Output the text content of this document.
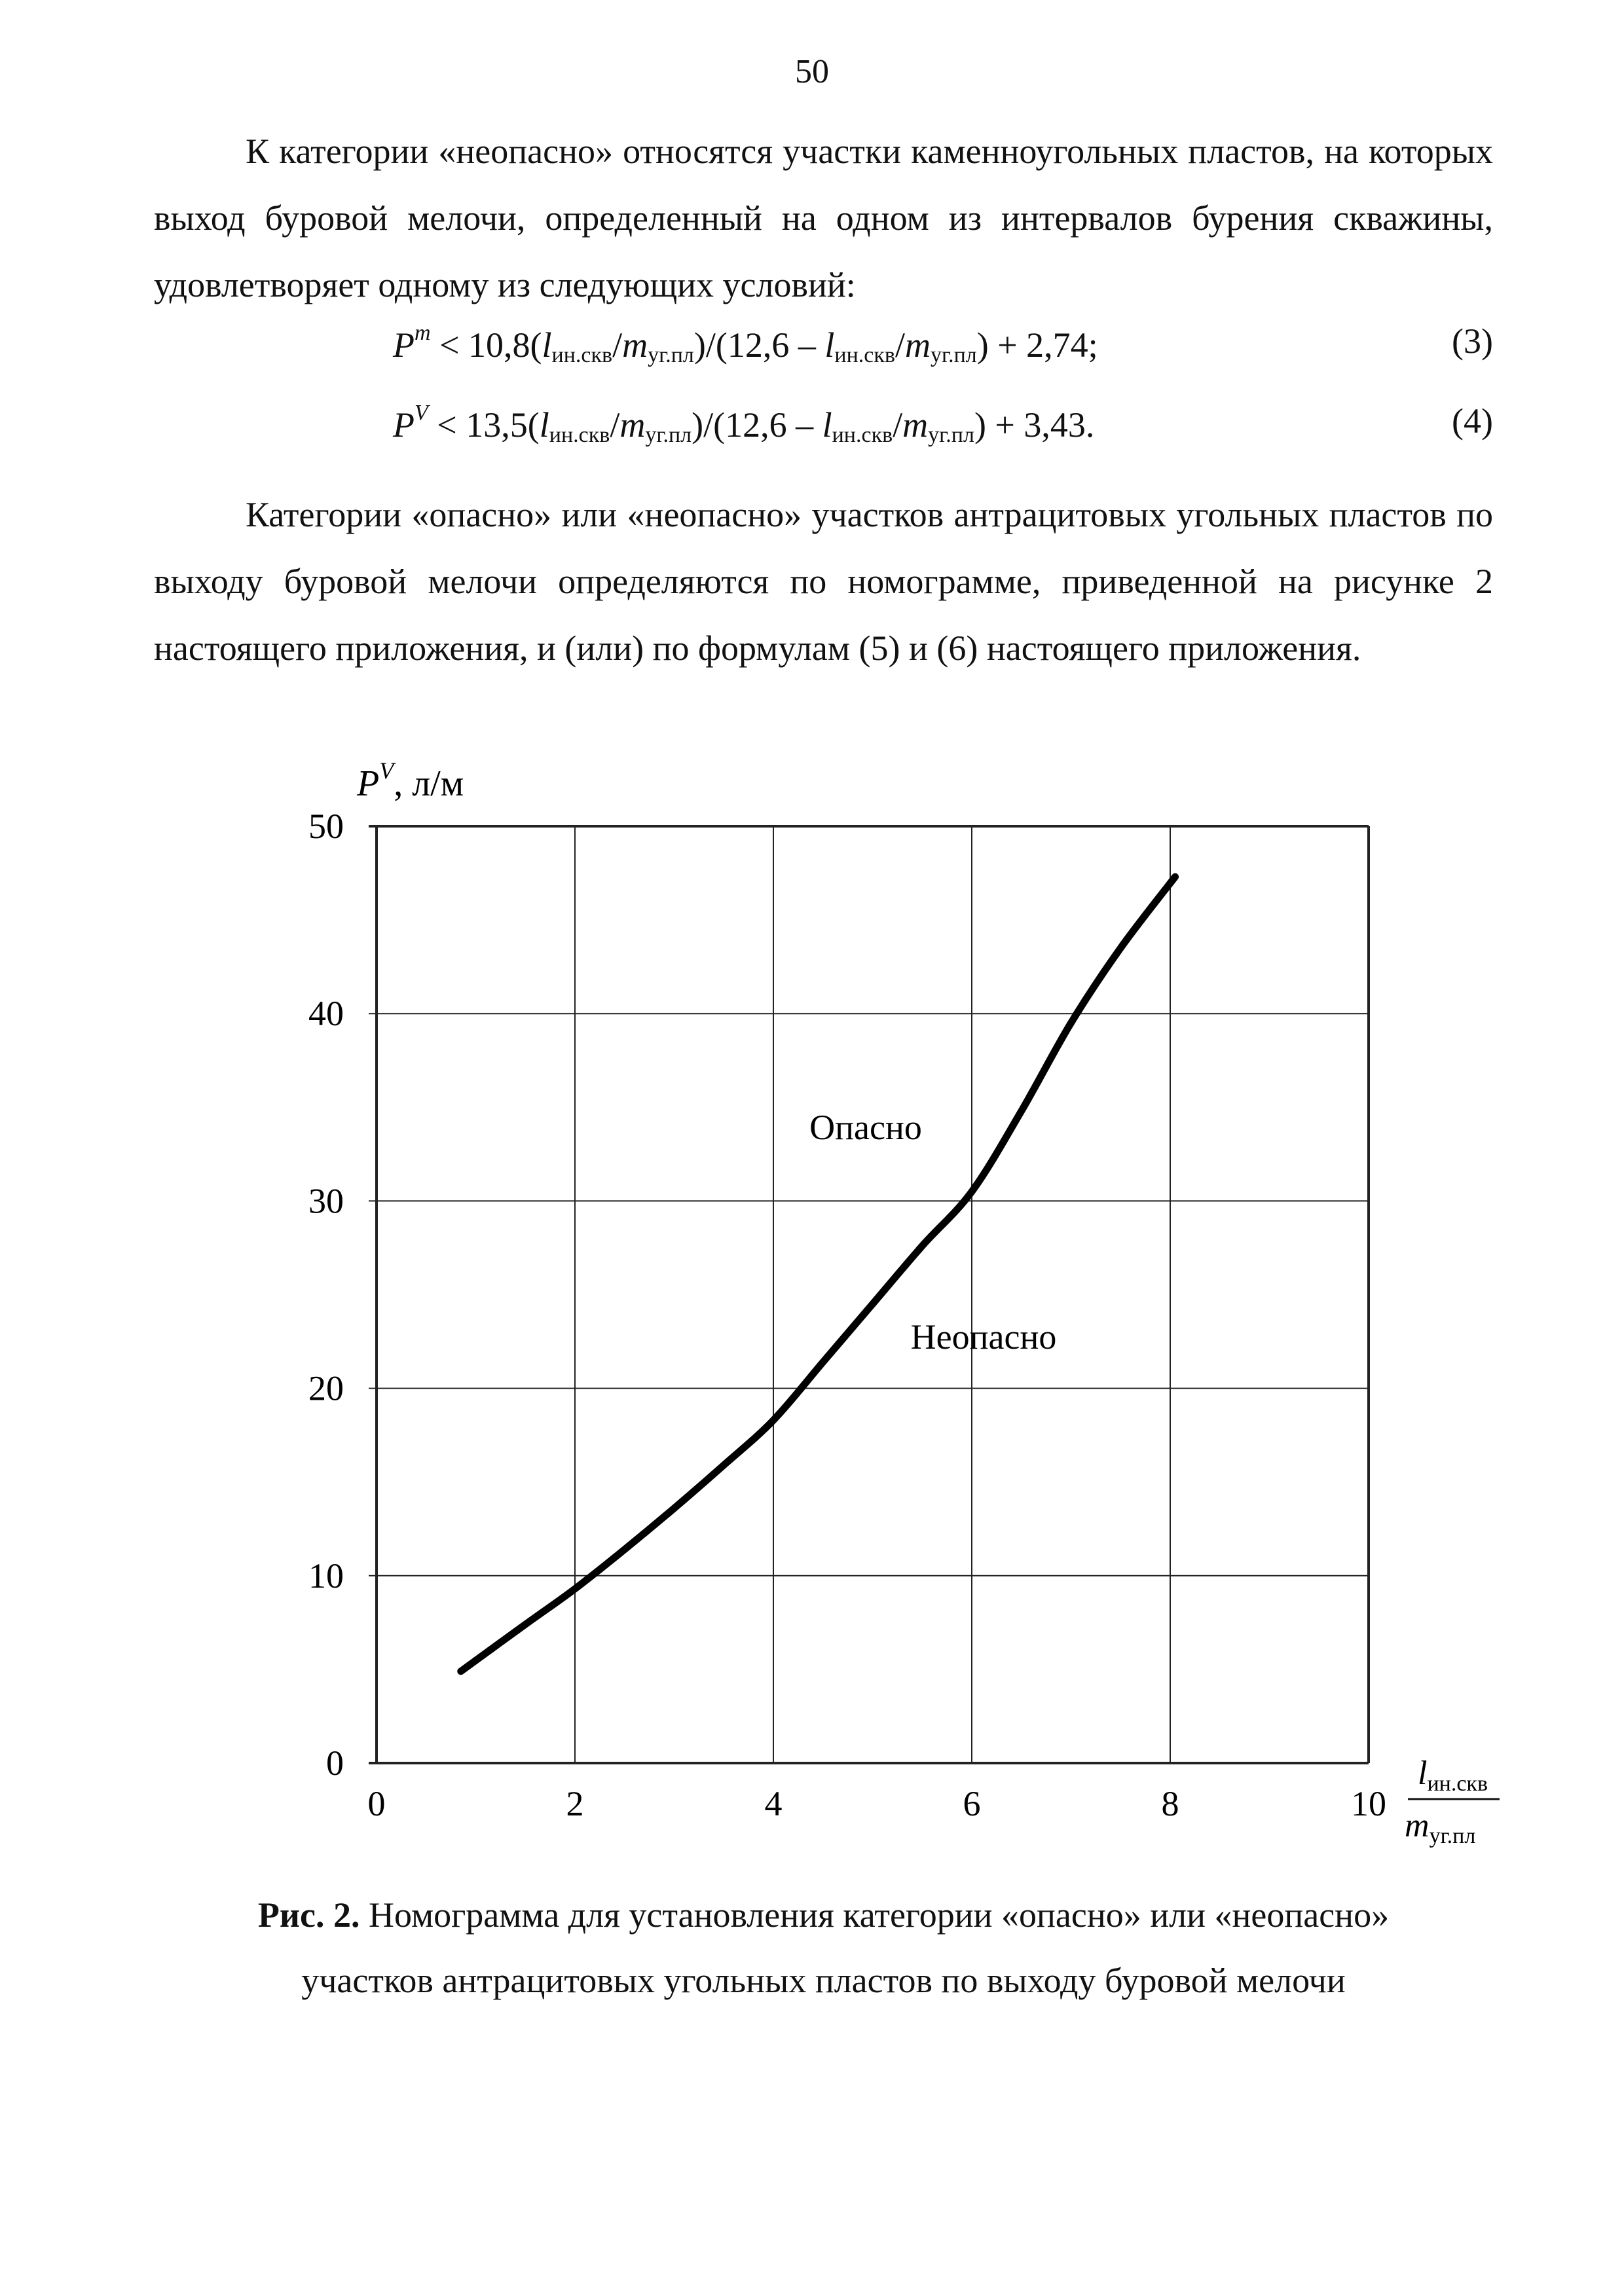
50

К категории «неопасно» относятся участки каменноугольных пластов, на которых выход буровой мелочи, определенный на одном из интервалов бурения скважины, удовлетворяет одному из следующих условий:

$P^m < 10,8(l_{ин.скв}/m_{уг.пл})/(12,6 - l_{ин.скв}/m_{уг.пл}) + 2,74$;	(3)
$P^V < 13,5(l_{ин.скв}/m_{уг.пл})/(12,6 - l_{ин.скв}/m_{уг.пл}) + 3,43$.	(4)

Категории «опасно» или «неопасно» участков антрацитовых угольных пластов по выходу буровой мелочи определяются по номограмме, приведенной на рисунке 2 настоящего приложения, и (или) по формулам (5) и (6) настоящего приложения.

$P^V$, л/м
Опасно
Неопасно
lин.скв
mуг.пл
0	2	4	6	8	10
0
10
20
30
40
50
Рис. 2. Номограмма для установления категории «опасно» или «неопасно»
участков антрацитовых угольных пластов по выходу буровой мелочи
